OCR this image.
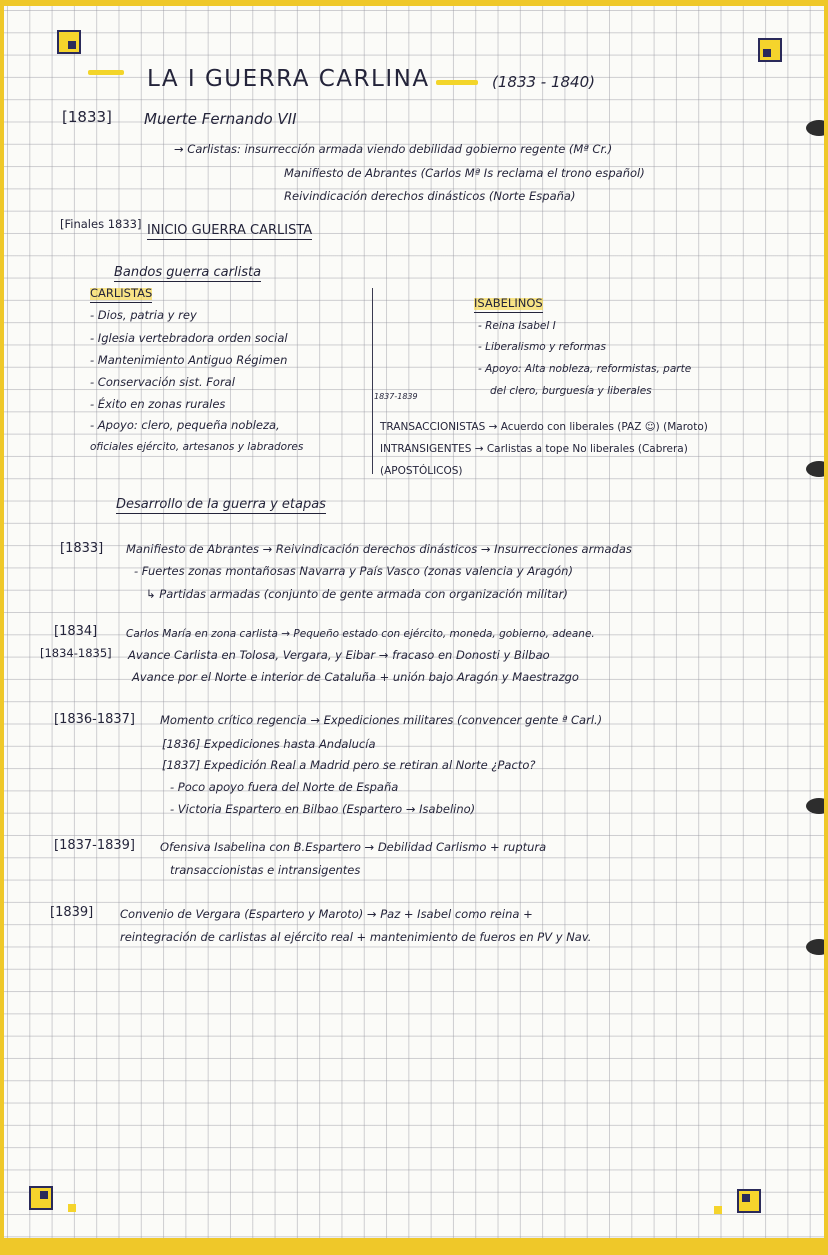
LA I GUERRA CARLINA	(1833 - 1840)
[1833] Muerte Fernando VII
→ Carlistas: insurrección armada viendo debilidad gobierno regente (Mª Cr.)
Manifiesto de Abrantes (Carlos Mª Is reclama el trono español)
Reivindicación derechos dinásticos (Norte España)
[Finales 1833] INICIO GUERRA CARLISTA
Bandos guerra carlista
CARLISTAS
- Dios, patria y rey
- Iglesia vertebradora orden social
- Mantenimiento Antiguo Régimen
- Conservación sist. Foral
- Éxito en zonas rurales
- Apoyo: clero, pequeña nobleza,
oficiales ejército, artesanos y labradores
ISABELINOS
- Reina Isabel I
- Liberalismo y reformas
- Apoyo: Alta nobleza, reformistas, parte
del clero, burguesía y liberales
1837-1839
TRANSACCIONISTAS → Acuerdo con liberales (PAZ ☺) (Maroto)
INTRANSIGENTES → Carlistas a tope No liberales (Cabrera)
(APOSTÓLICOS)
Desarrollo de la guerra y etapas
[1833] Manifiesto de Abrantes → Reivindicación derechos dinásticos → Insurrecciones armadas
- Fuertes zonas montañosas Navarra y País Vasco (zonas valencia y Aragón)
↳ Partidas armadas (conjunto de gente armada con organización militar)
[1834]	Carlos María en zona carlista → Pequeño estado con ejército, moneda, gobierno, adeane.
[1834-1835] Avance Carlista en Tolosa, Vergara, y Eibar → fracaso en Donosti y Bilbao
Avance por el Norte e interior de Cataluña + unión bajo Aragón y Maestrazgo
[1836-1837] Momento crítico regencia → Expediciones militares (convencer gente ª Carl.)
[1836] Expediciones hasta Andalucía
[1837] Expedición Real a Madrid pero se retiran al Norte ¿Pacto?
- Poco apoyo fuera del Norte de España
- Victoria Espartero en Bilbao (Espartero → Isabelino)
[1837-1839] Ofensiva Isabelina con B.Espartero → Debilidad Carlismo + ruptura
transaccionistas e intransigentes
[1839] Convenio de Vergara (Espartero y Maroto) → Paz + Isabel como reina +
reintegración de carlistas al ejército real + mantenimiento de fueros en PV y Nav.
